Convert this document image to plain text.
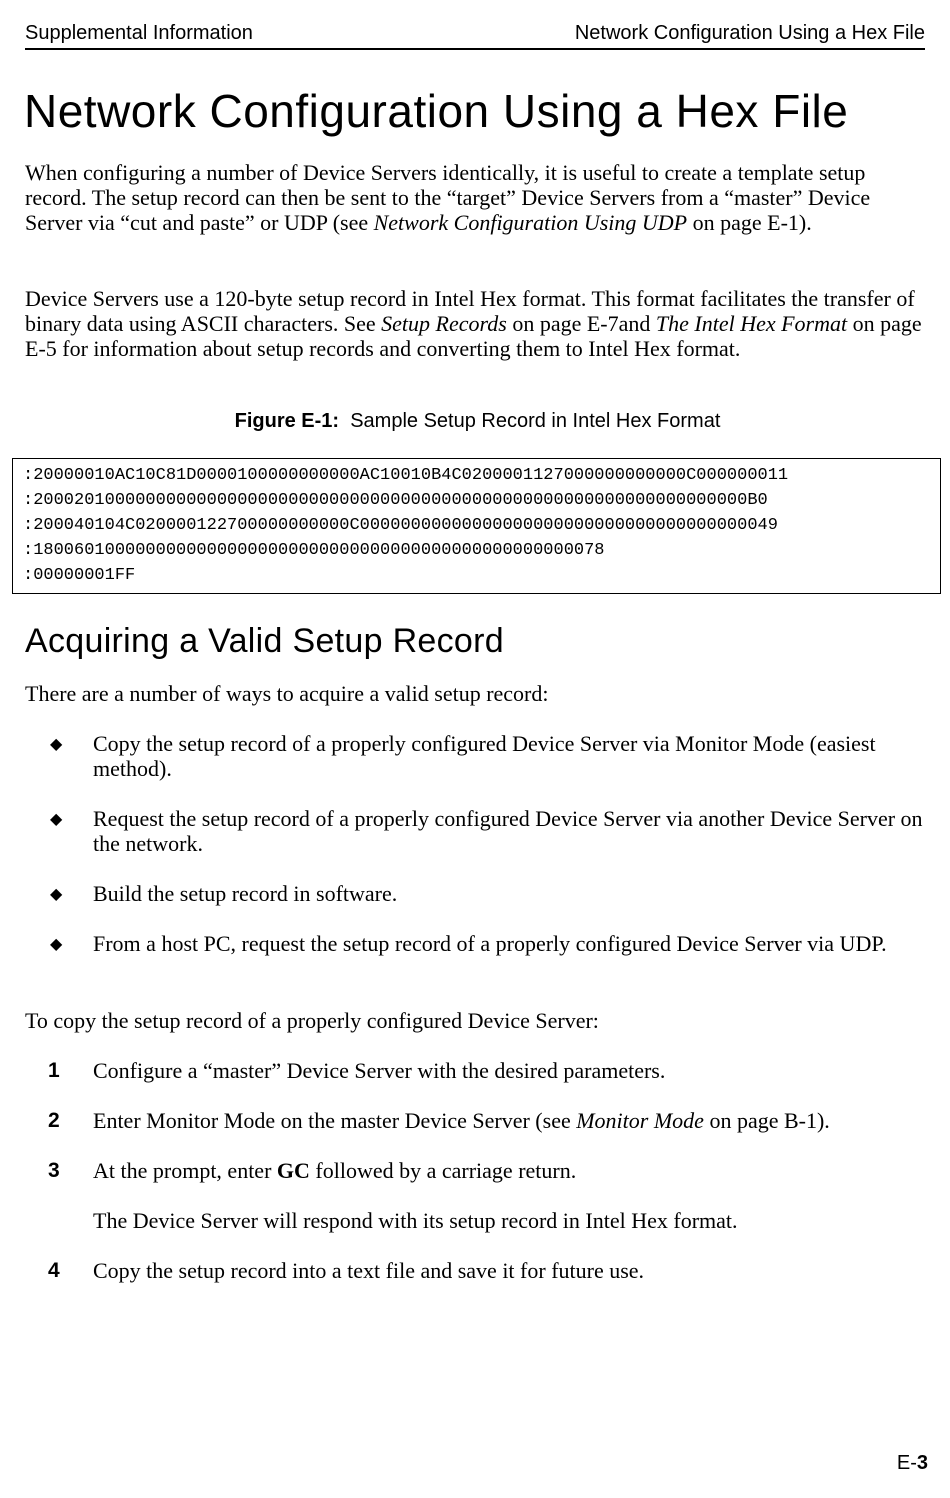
Supplemental Information	Network Configuration Using a Hex File
Network Configuration Using a Hex File

When configuring a number of Device Servers identically, it is useful to create a template setup record. The setup record can then be sent to the “target” Device Servers from a “master” Device Server via “cut and paste” or UDP (see Network Configuration Using UDP on page E-1).

Device Servers use a 120-byte setup record in Intel Hex format. This format facilitates the transfer of binary data using ASCII characters. See Setup Records on page E-7and The Intel Hex Format on page E-5 for information about setup records and converting them to Intel Hex format.

Figure E-1: Sample Setup Record in Intel Hex Format
:20000010AC10C81D0000100000000000AC10010B4C0200001127000000000000C000000011
:2000201000000000000000000000000000000000000000000000000000000000000000B0
:200040104C020000122700000000000C00000000000000000000000000000000000000049
:18006010000000000000000000000000000000000000000000000078
:00000001FF
Acquiring a Valid Setup Record

There are a number of ways to acquire a valid setup record:

◆ Copy the setup record of a properly configured Device Server via Monitor Mode (easiest method).
◆ Request the setup record of a properly configured Device Server via another Device Server on the network.
◆ Build the setup record in software.
◆ From a host PC, request the setup record of a properly configured Device Server via UDP.

To copy the setup record of a properly configured Device Server:

1 Configure a “master” Device Server with the desired parameters.
2 Enter Monitor Mode on the master Device Server (see Monitor Mode on page B-1).
3 At the prompt, enter GC followed by a carriage return.
The Device Server will respond with its setup record in Intel Hex format.
4 Copy the setup record into a text file and save it for future use.
E-3
